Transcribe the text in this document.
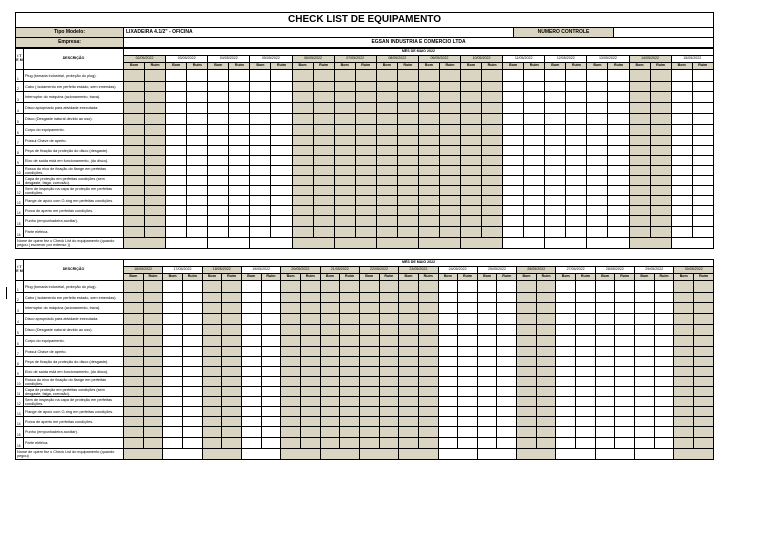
CHECK LIST DE EQUIPAMENTO			
Tipo Modelo:	LIXADEIRA 4.1/2" - OFICINA	NUMERO CONTROLE	
Empresa:	EGSAN INDUSTRIA E COMERCIO LTDA		
I T E M	DESCRIÇÃO	MÊS DE MAIO 2022																											
		02/05/2022		03/05/2022		04/05/2022		05/05/2022		06/05/2022		07/05/2022		08/05/2022		09/05/2022		10/05/2022		11/05/2022		12/05/2022		13/05/2022		14/05/2022		15/05/2022	
		Bom	Ruim	Bom	Ruim	Bom	Ruim	Bom	Ruim	Bom	Ruim	Bom	Ruim	Bom	Ruim	Bom	Ruim	Bom	Ruim	Bom	Ruim	Bom	Ruim	Bom	Ruim	Bom	Ruim	Bom	Ruim
1	Plug (tomada industrial, proteção do plug).																												
2	Cabo ( isolamento em perfeito estado, sem emendas).																												
3	Interruptor do máquina (acionamento, trava).																												
4	Disco apropriado para atividade executada.																												
5	Disco (Desgaste natural devido ao uso).																												
6	Corpo do equipamento.																												
7	Possui Chave de aperto.																												
8	Peça de fixação da proteção do disco (desgaste).																												
9	Eixo de saída está em funcionamento, (do disco).																												
10	Rosca do eixo de fixação do flange em perfeitas condições.																												
11	Capa de proteção em perfeitas condições (sem desgaste, falga, corrosão).																												
12	Sem de inspeção na capa de proteção em perfeitas condições.																												
13	Flange de apoio com O-ring em perfeitas condições.																												
14	Porca de aperto em perfeitas condições.																												
15	Punho (empunhadeira auxiliar).																												
16	Parte elétrica.																												
Nome de quem fez o Check List do equipamento (quando pegou ( escrever por extenso ))																													
I T E M	DESCRIÇÃO	MÊS DE MAIO 2022																													
		16/05/2022		17/05/2022		18/05/2022		19/05/2022		20/05/2022		21/05/2022		22/05/2022		23/05/2022		24/05/2022		25/05/2022		26/05/2022		27/05/2022		28/05/2022		29/05/2022		30/05/2022	
		Bom	Ruim	Bom	Ruim	Bom	Ruim	Bom	Ruim	Bom	Ruim	Bom	Ruim	Bom	Ruim	Bom	Ruim	Bom	Ruim	Bom	Ruim	Bom	Ruim	Bom	Ruim	Bom	Ruim	Bom	Ruim	Bom	Ruim
1	Plug (tomada industrial, proteção do plug).																														
2	Cabo ( isolamento em perfeito estado, sem emendas).																														
3	Interruptor do máquina (acionamento, trava).																														
4	Disco apropriado para atividade executada.																														
5	Disco (Desgaste natural devido ao uso).																														
6	Corpo do equipamento.																														
7	Possui Chave de aperto.																														
8	Peça de fixação da proteção do disco (desgaste).																														
9	Eixo de saída está em funcionamento, (do disco).																														
10	Rosca do eixo de fixação do flange em perfeitas condições.																														
11	Capa de proteção em perfeitas condições (sem desgaste, falga, corrosão).																														
12	Sem de inspeção na capa de proteção em perfeitas condições.																														
13	Flange de apoio com O-ring em perfeitas condições.																														
14	Porca de aperto em perfeitas condições.																														
15	Punho (empunhadeira auxiliar).																														
16	Parte elétrica.																														
Nome de quem fez o Check List do equipamento (quando pegou)																															
